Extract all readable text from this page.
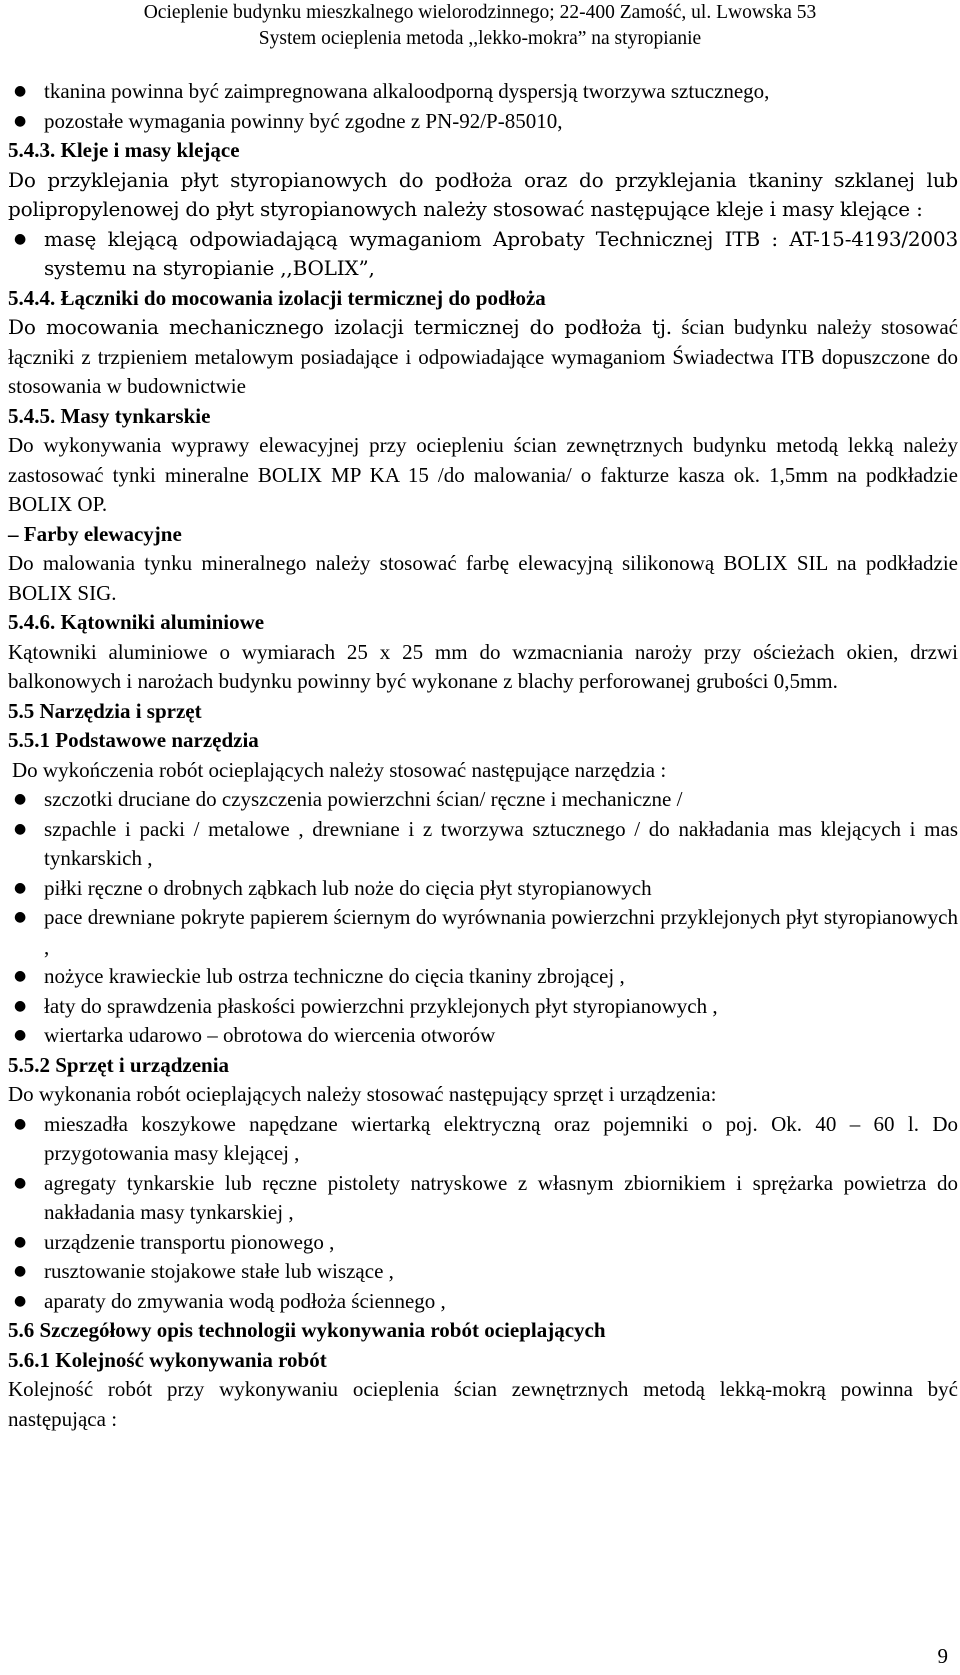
Ocieplenie budynku mieszkalnego wielorodzinnego; 22-400 Zamość, ul. Lwowska 53
System ocieplenia metoda ,,lekko-mokra” na styropianie
● tkanina powinna być zaimpregnowana alkaloodporną dyspersją tworzywa sztucznego,
● pozostałe wymagania powinny być zgodne z PN-92/P-85010,

5.4.3. Kleje i masy klejące

Do przyklejania płyt styropianowych do podłoża oraz do przyklejania tkaniny szklanej lub polipropylenowej do płyt styropianowych należy stosować następujące kleje i masy klejące :

● masę klejącą odpowiadającą wymaganiom Aprobaty Technicznej ITB : AT-15-4193/2003 systemu na styropianie ,,BOLIX”,

5.4.4. Łączniki do mocowania izolacji termicznej do podłoża

Do mocowania mechanicznego izolacji termicznej do podłoża tj. ścian budynku należy stosować łączniki z trzpieniem metalowym posiadające i odpowiadające wymaganiom Świadectwa ITB dopuszczone do stosowania w budownictwie

5.4.5. Masy tynkarskie

Do wykonywania wyprawy elewacyjnej przy ociepleniu ścian zewnętrznych budynku metodą lekką należy zastosować tynki mineralne BOLIX MP KA 15 /do malowania/ o fakturze kasza ok. 1,5mm na podkładzie BOLIX OP.

– Farby elewacyjne

Do malowania tynku mineralnego należy stosować farbę elewacyjną silikonową BOLIX SIL na podkładzie BOLIX SIG.

5.4.6. Kątowniki aluminiowe

Kątowniki aluminiowe o wymiarach 25 x 25 mm do wzmacniania naroży przy ościeżach okien, drzwi balkonowych i narożach budynku powinny być wykonane z blachy perforowanej grubości 0,5mm.

5.5 Narzędzia i sprzęt

5.5.1 Podstawowe narzędzia

Do wykończenia robót ocieplających należy stosować następujące narzędzia :

● szczotki druciane do czyszczenia powierzchni ścian/ ręczne i mechaniczne /
● szpachle i packi / metalowe , drewniane i z tworzywa sztucznego / do nakładania mas klejących i mas tynkarskich ,
● piłki ręczne o drobnych ząbkach lub noże do cięcia płyt styropianowych
● pace drewniane pokryte papierem ściernym do wyrównania powierzchni przyklejonych płyt styropianowych ,
● nożyce krawieckie lub ostrza techniczne do cięcia tkaniny zbrojącej ,
● łaty do sprawdzenia płaskości powierzchni przyklejonych płyt styropianowych ,
● wiertarka udarowo – obrotowa do wiercenia otworów

5.5.2 Sprzęt i urządzenia

Do wykonania robót ocieplających należy stosować następujący sprzęt i urządzenia:

● mieszadła koszykowe napędzane wiertarką elektryczną oraz pojemniki o poj. Ok. 40 – 60 l. Do przygotowania masy klejącej ,
● agregaty tynkarskie lub ręczne pistolety natryskowe z własnym zbiornikiem i sprężarka powietrza do nakładania masy tynkarskiej ,
● urządzenie transportu pionowego ,
● rusztowanie stojakowe stałe lub wiszące ,
● aparaty do zmywania wodą podłoża ściennego ,

5.6 Szczegółowy opis technologii wykonywania robót ocieplających

5.6.1 Kolejność wykonywania robót

Kolejność robót przy wykonywaniu ocieplenia ścian zewnętrznych metodą lekką-mokrą powinna być następująca :

9
